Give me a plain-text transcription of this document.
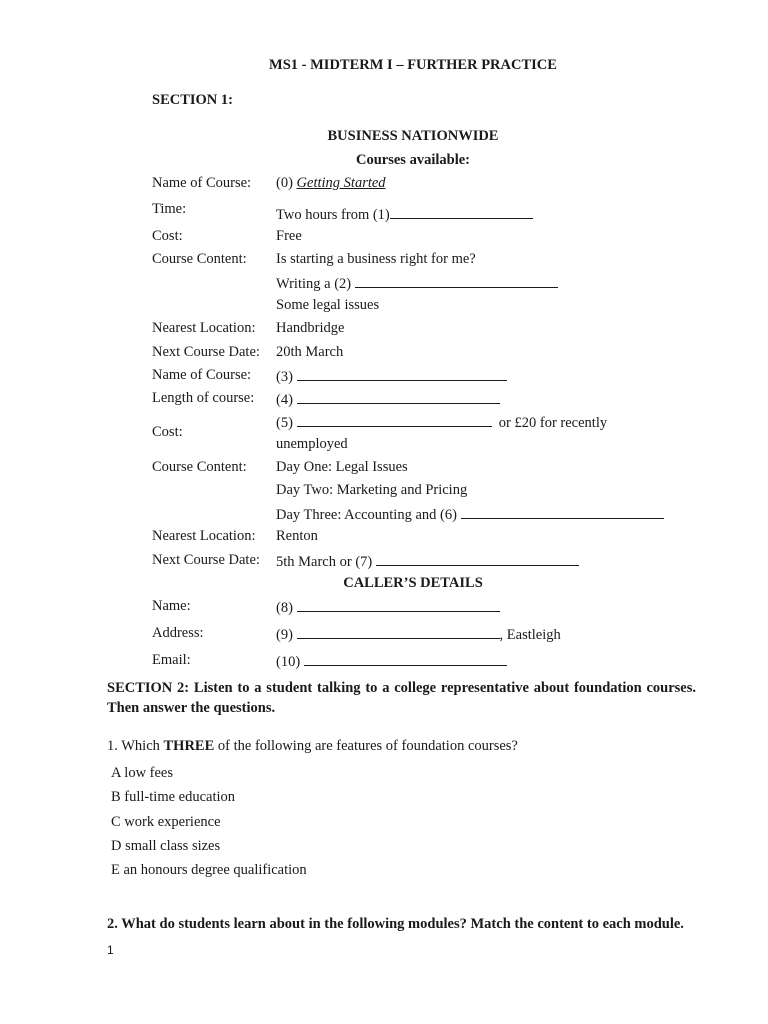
MS1 - MIDTERM I – FURTHER PRACTICE
SECTION 1:
BUSINESS NATIONWIDE
Courses available:
Name of Course: (0) Getting Started
Time:	Two hours from (1)
Cost:	Free
Course Content: Is starting a business right for me?
Writing a (2)
Some legal issues
Nearest Location: Handbridge
Next Course Date: 20th March
Name of Course: (3)
Length of course: (4)
Cost:
(5)	or £20 for recently
unemployed
Course Content: Day One: Legal Issues
Day Two: Marketing and Pricing
Day Three: Accounting and (6)
Nearest Location: Renton
Next Course Date: 5th March or (7)
CALLER’S DETAILS
Name:	(8)
Address:	(9)	, Eastleigh
Email:	(10)
SECTION 2: Listen to a student talking to a college representative about foundation courses. Then answer the questions.
1. Which THREE of the following are features of foundation courses?
A low fees
B full-time education
C work experience
D small class sizes
E an honours degree qualification
2. What do students learn about in the following modules? Match the content to each module.
1
